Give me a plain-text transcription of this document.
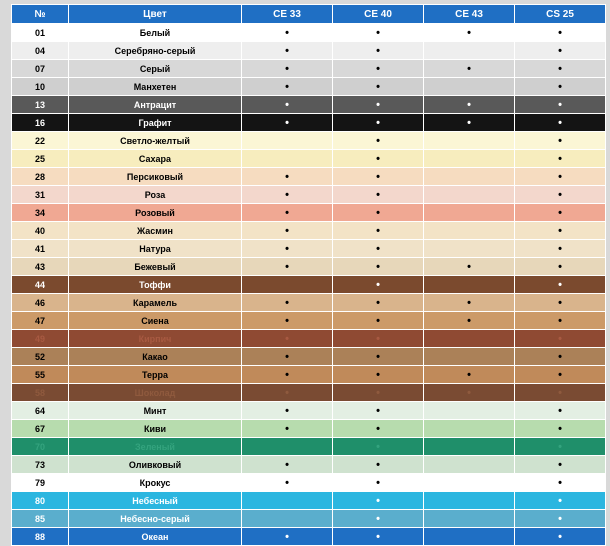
№	Цвет	CE 33	CE 40	CE 43	CS 25
01	Белый	•	•	•	•
04	Серебряно-серый	•	•		•
07	Серый	•	•	•	•
10	Манхетен	•	•		•
13	Антрацит	•	•	•	•
16	Графит	•	•	•	•
22	Светло-желтый		•		•
25	Сахара		•		•
28	Персиковый	•	•		•
31	Роза	•	•		•
34	Розовый	•	•		•
40	Жасмин	•	•		•
41	Натура	•	•		•
43	Бежевый	•	•	•	•
44	Тоффи		•		•
46	Карамель	•	•	•	•
47	Сиена	•	•	•	•
49	Кирпич	•	•		•
52	Какао	•	•		•
55	Терра	•	•	•	•
58	Шоколад	•	•	•	•
64	Минт	•	•		•
67	Киви	•	•		•
70	Зеленый		•		•
73	Оливковый	•	•		•
79	Крокус	•	•		•
80	Небесный		•		•
85	Небесно-серый		•		•
88	Океан	•	•		•
